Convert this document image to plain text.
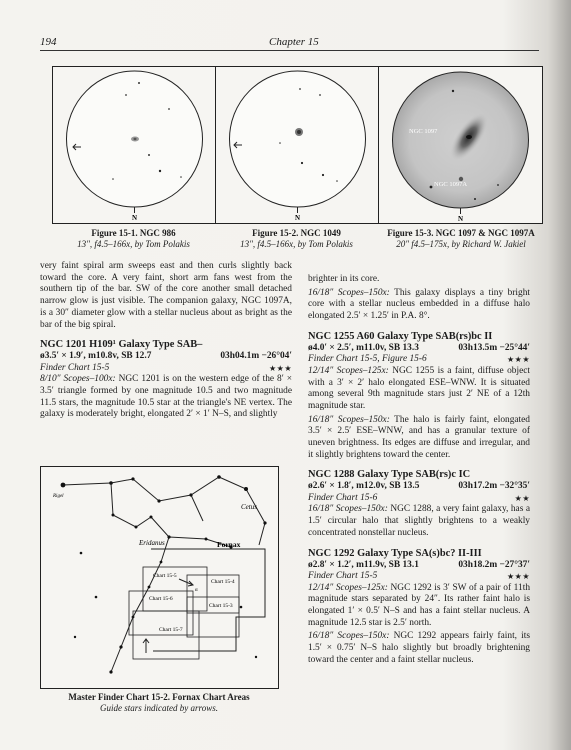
194	Chapter 15
N
Figure 15-1. NGC 986
13", f4.5–166x, by Tom Polakis
N
Figure 15-2. NGC 1049
13", f4.5–166x, by Tom Polakis
NGC 1097
NGC 1097A
N
Figure 15-3. NGC 1097 & NGC 1097A
20" f4.5–175x, by Richard W. Jakiel

very faint spiral arm sweeps east and then curls slightly back toward the core. A very faint, short arm fans west from the southern tip of the bar. SW of the core another small detached narrow glow is just visible. The companion galaxy, NGC 1097A, is a 30″ diameter glow with a stellar nucleus about as bright as the bar of the big spiral.

NGC 1201 H109¹ Galaxy Type SAB–
ø3.5′ × 1.9′, m10.8v, SB 12.7	03h04.1m −26°04′
Finder Chart 15-5	★★★

8/10″ Scopes–100x: NGC 1201 is on the western edge of the 8′ × 3.5′ triangle formed by one magnitude 10.5 and two magnitude 11.5 stars, the magnitude 10.5 star at the triangle's NE vertex. The galaxy is moderately bright, elongated 2′ × 1′ N–S, and slightly

Cetus
Eridanus	Fornax
Rigel
α
Chart 15-5
Chart 15-4
Chart 15-6
Chart 15-3
Chart 15-7
Master Finder Chart 15-2. Fornax Chart Areas
Guide stars indicated by arrows.

brighter in its core.

16/18″ Scopes–150x: This galaxy displays a tiny bright core with a stellar nucleus embedded in a diffuse halo elongated 2.5′ × 1.25′ in P.A. 8°.

NGC 1255 A60 Galaxy Type SAB(rs)bc II
ø4.0′ × 2.5′, m11.0v, SB 13.3	03h13.5m −25°44′
Finder Chart 15-5, Figure 15-6	★★★

12/14″ Scopes–125x: NGC 1255 is a faint, diffuse object with a 3′ × 2′ halo elongated ESE–WNW. It is situated among several 9th magnitude stars just 2′ NE of a 12th magnitude star.

16/18″ Scopes–150x: The halo is fairly faint, elongated 3.5′ × 2.5′ ESE–WNW, and has a granular texture of uneven brightness. Its edges are diffuse and irregular, and it slightly brightens toward the center.

NGC 1288 Galaxy Type SAB(rs)c IC
ø2.6′ × 1.8′, m12.0v, SB 13.5	03h17.2m −32°35′
Finder Chart 15-6	★★

16/18″ Scopes–150x: NGC 1288, a very faint galaxy, has a 1.5′ circular halo that slightly brightens to a weakly concentrated nonstellar nucleus.

NGC 1292 Galaxy Type SA(s)bc? II-III
ø2.8′ × 1.2′, m11.9v, SB 13.1	03h18.2m −27°37′
Finder Chart 15-5	★★★

12/14″ Scopes–125x: NGC 1292 is 3′ SW of a pair of 11th magnitude stars separated by 24″. Its rather faint halo is elongated 1′ × 0.5′ N–S and has a faint stellar nucleus. A magnitude 12.5 star is 2.5′ north.

16/18″ Scopes–150x: NGC 1292 appears fairly faint, its 1.5′ × 0.75′ N–S halo slightly but broadly brightening toward the center and a faint stellar nucleus.
